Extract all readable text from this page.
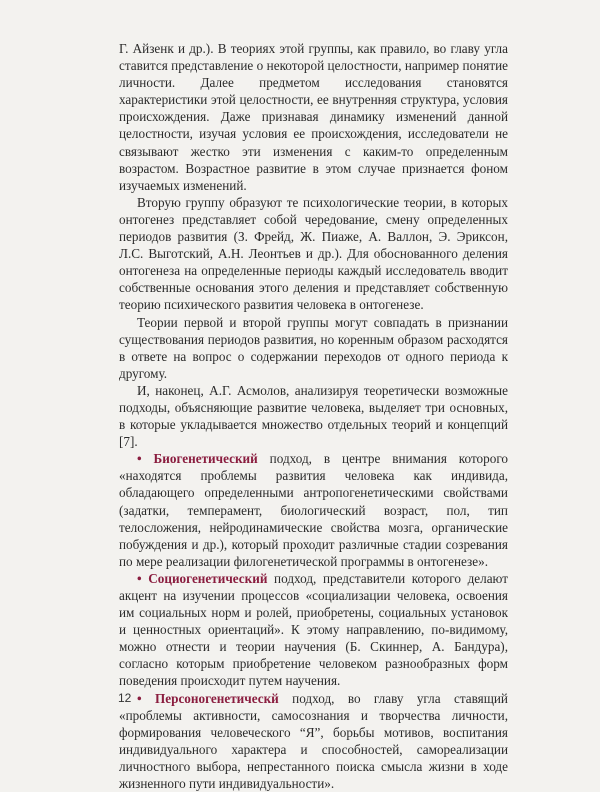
Г. Айзенк и др.). В теориях этой группы, как правило, во главу угла ставится представление о некоторой целостности, например понятие личности. Далее предметом исследования становятся характеристики этой целостности, ее внутренняя структура, условия происхождения. Даже признавая динамику изменений данной целостности, изучая условия ее происхождения, исследователи не связывают жестко эти изменения с каким-то определенным возрастом. Возрастное развитие в этом случае признается фоном изучаемых изменений.

Вторую группу образуют те психологические теории, в которых онтогенез представляет собой чередование, смену определенных периодов развития (З. Фрейд, Ж. Пиаже, А. Валлон, Э. Эриксон, Л.С. Выготский, А.Н. Леонтьев и др.). Для обоснованного деления онтогенеза на определенные периоды каждый исследователь вводит собственные основания этого деления и представляет собственную теорию психического развития человека в онтогенезе.

Теории первой и второй группы могут совпадать в признании существования периодов развития, но коренным образом расходятся в ответе на вопрос о содержании переходов от одного периода к другому.

И, наконец, А.Г. Асмолов, анализируя теоретически возможные подходы, объясняющие развитие человека, выделяет три основных, в которые укладывается множество отдельных теорий и концепций [7].

• Биогенетический подход, в центре внимания которого «находятся проблемы развития человека как индивида, обладающего определенными антропогенетическими свойствами (задатки, темперамент, биологический возраст, пол, тип телосложения, нейродинамические свойства мозга, органические побуждения и др.), который проходит различные стадии созревания по мере реализации филогенетической программы в онтогенезе».

• Социогенетический подход, представители которого делают акцент на изучении процессов «социализации человека, освоения им социальных норм и ролей, приобретены, социальных установок и ценностных ориентаций». К этому направлению, по-видимому, можно отнести и теории научения (Б. Скиннер, А. Бандура), согласно которым приобретение человеком разнообразных форм поведения происходит путем научения.

• Персоногенетическй подход, во главу угла ставящий «проблемы активности, самосознания и творчества личности, формирования человеческого “Я”, борьбы мотивов, воспитания индивидуального характера и способностей, самореализации личностного выбора, непрестанного поиска смысла жизни в ходе жизненного пути индивидуальности».

12
